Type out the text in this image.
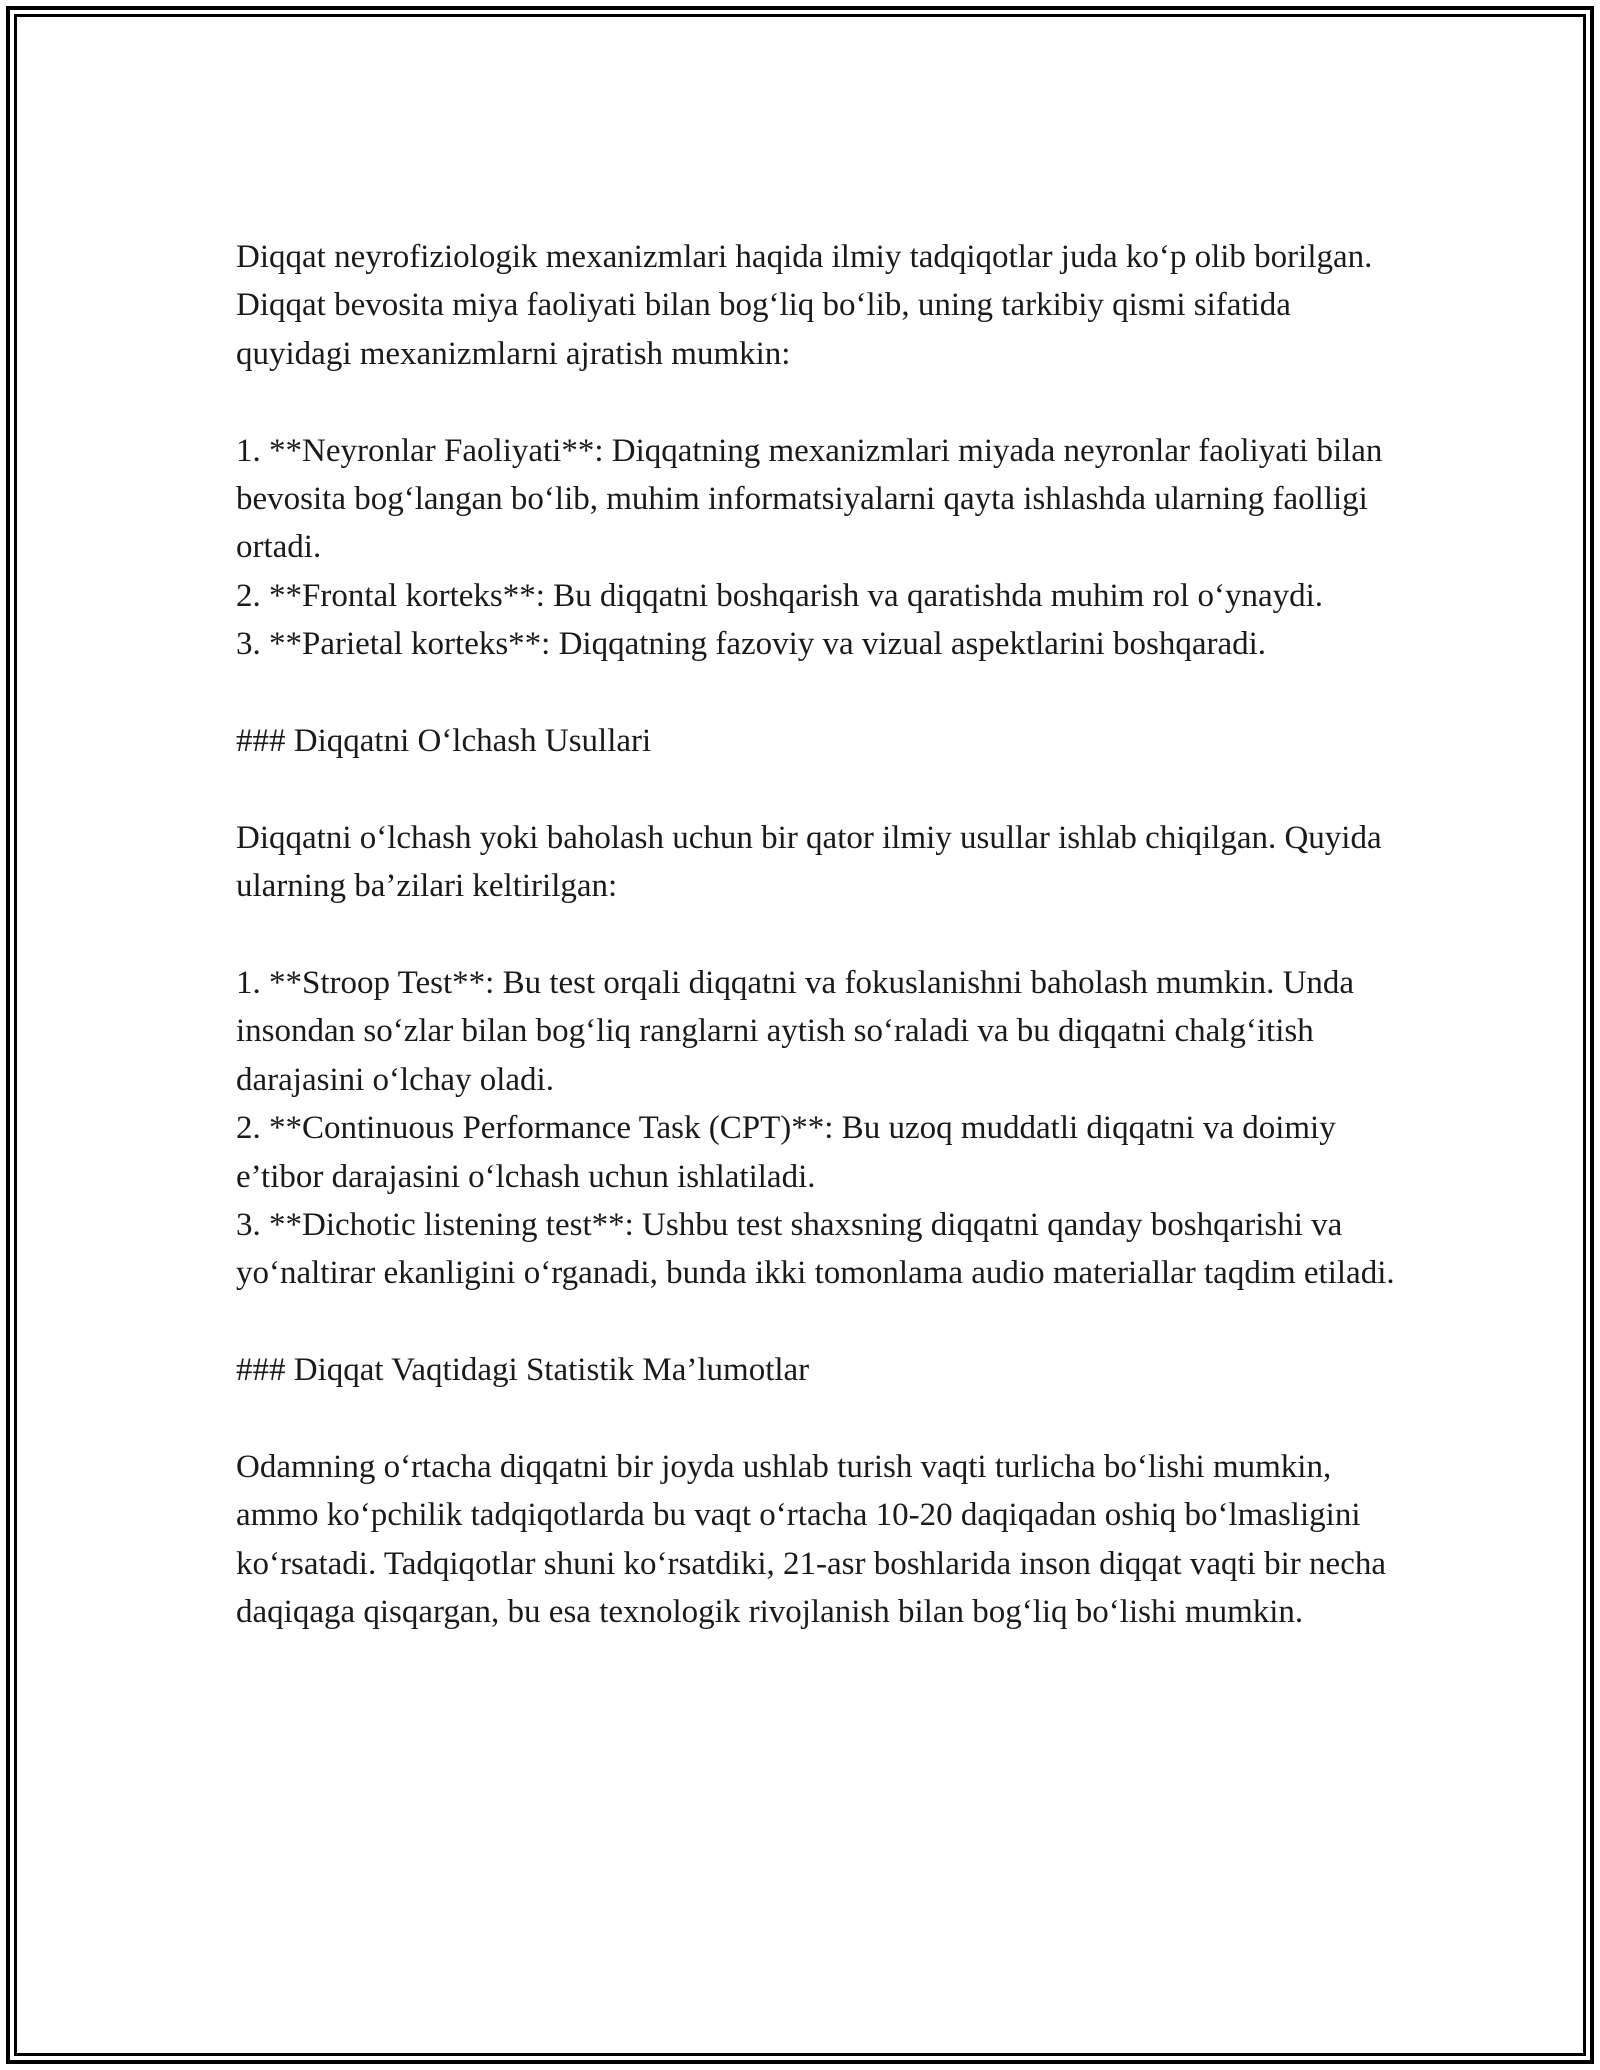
Diqqat neyrofiziologik mexanizmlari haqida ilmiy tadqiqotlar juda ko‘p olib borilgan. Diqqat bevosita miya faoliyati bilan bog‘liq bo‘lib, uning tarkibiy qismi sifatida quyidagi mexanizmlarni ajratish mumkin:

1. **Neyronlar Faoliyati**: Diqqatning mexanizmlari miyada neyronlar faoliyati bilan bevosita bog‘langan bo‘lib, muhim informatsiyalarni qayta ishlashda ularning faolligi ortadi.

2. **Frontal korteks**: Bu diqqatni boshqarish va qaratishda muhim rol o‘ynaydi.

3. **Parietal korteks**: Diqqatning fazoviy va vizual aspektlarini boshqaradi.

### Diqqatni O‘lchash Usullari

Diqqatni o‘lchash yoki baholash uchun bir qator ilmiy usullar ishlab chiqilgan. Quyida ularning ba’zilari keltirilgan:

1. **Stroop Test**: Bu test orqali diqqatni va fokuslanishni baholash mumkin. Unda insondan so‘zlar bilan bog‘liq ranglarni aytish so‘raladi va bu diqqatni chalg‘itish darajasini o‘lchay oladi.

2. **Continuous Performance Task (CPT)**: Bu uzoq muddatli diqqatni va doimiy e’tibor darajasini o‘lchash uchun ishlatiladi.

3. **Dichotic listening test**: Ushbu test shaxsning diqqatni qanday boshqarishi va yo‘naltirar ekanligini o‘rganadi, bunda ikki tomonlama audio materiallar taqdim etiladi.

### Diqqat Vaqtidagi Statistik Ma’lumotlar

Odamning o‘rtacha diqqatni bir joyda ushlab turish vaqti turlicha bo‘lishi mumkin, ammo ko‘pchilik tadqiqotlarda bu vaqt o‘rtacha 10-20 daqiqadan oshiq bo‘lmasligini ko‘rsatadi. Tadqiqotlar shuni ko‘rsatdiki, 21-asr boshlarida inson diqqat vaqti bir necha daqiqaga qisqargan, bu esa texnologik rivojlanish bilan bog‘liq bo‘lishi mumkin.
